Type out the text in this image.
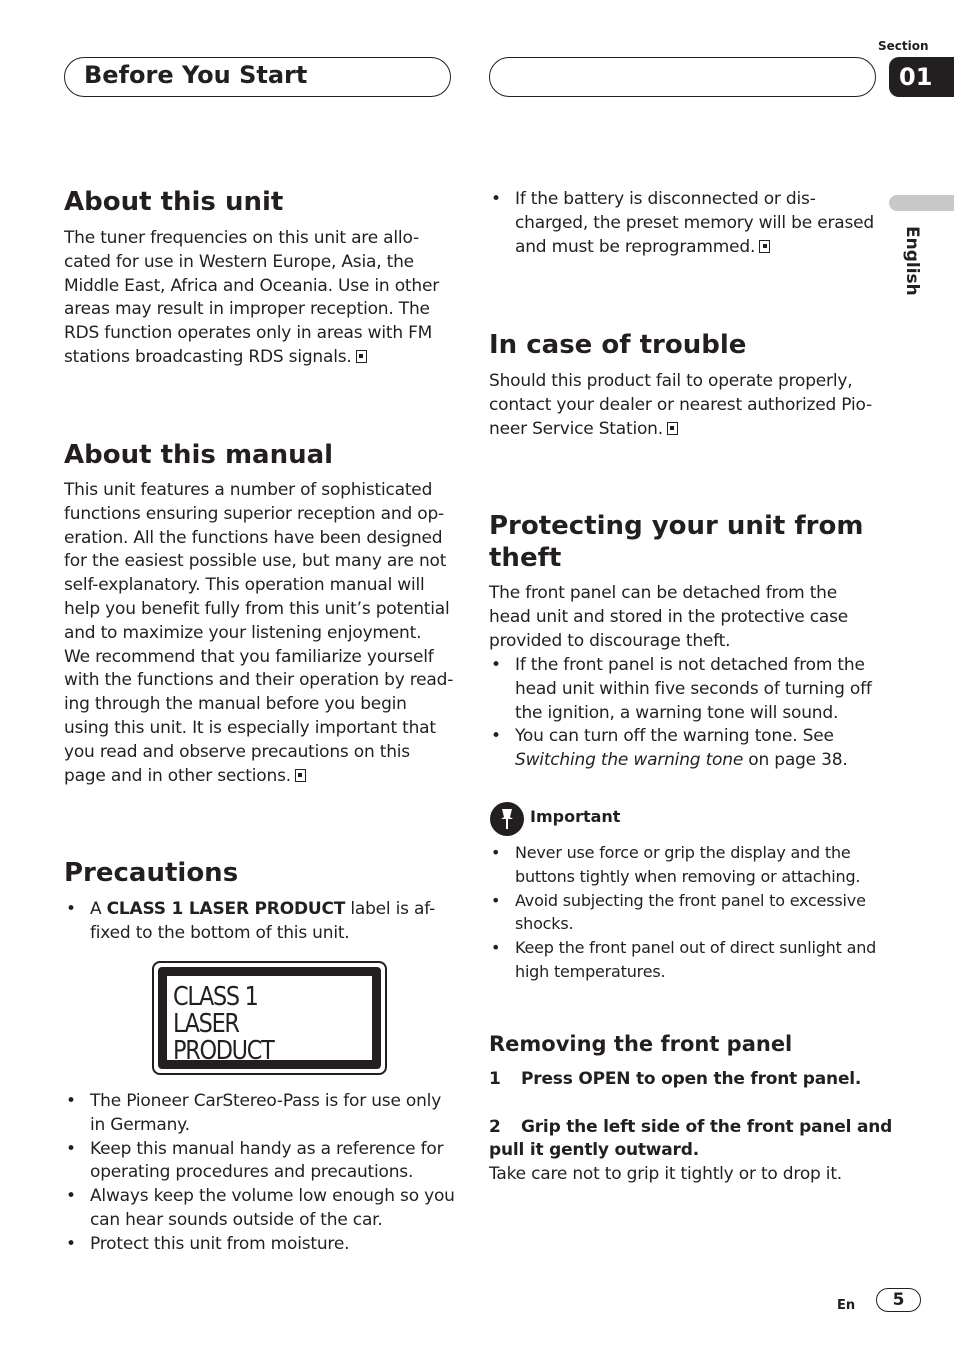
Before You Start
Section
01
English
About this unit
The tuner frequencies on this unit are allo-
cated for use in Western Europe, Asia, the
Middle East, Africa and Oceania. Use in other
areas may result in improper reception. The
RDS function operates only in areas with FM
stations broadcasting RDS signals.
About this manual
This unit features a number of sophisticated
functions ensuring superior reception and op-
eration. All the functions have been designed
for the easiest possible use, but many are not
self-explanatory. This operation manual will
help you benefit fully from this unit’s potential
and to maximize your listening enjoyment.
We recommend that you familiarize yourself
with the functions and their operation by read-
ing through the manual before you begin
using this unit. It is especially important that
you read and observe precautions on this
page and in other sections.
Precautions
• A CLASS 1 LASER PRODUCT label is af-
fixed to the bottom of this unit.
CLASS 1
LASER PRODUCT
• The Pioneer CarStereo-Pass is for use only
in Germany.
• Keep this manual handy as a reference for
operating procedures and precautions.
• Always keep the volume low enough so you
can hear sounds outside of the car.
• Protect this unit from moisture.
• If the battery is disconnected or dis-
charged, the preset memory will be erased
and must be reprogrammed.
In case of trouble
Should this product fail to operate properly,
contact your dealer or nearest authorized Pio-
neer Service Station.
Protecting your unit from
theft
The front panel can be detached from the
head unit and stored in the protective case
provided to discourage theft.
• If the front panel is not detached from the
head unit within five seconds of turning off
the ignition, a warning tone will sound.
• You can turn off the warning tone. See
Switching the warning tone on page 38.
Important
• Never use force or grip the display and the
buttons tightly when removing or attaching.
• Avoid subjecting the front panel to excessive
shocks.
• Keep the front panel out of direct sunlight and
high temperatures.
Removing the front panel
1 Press OPEN to open the front panel.
2 Grip the left side of the front panel and
pull it gently outward.
Take care not to grip it tightly or to drop it.
En	5
